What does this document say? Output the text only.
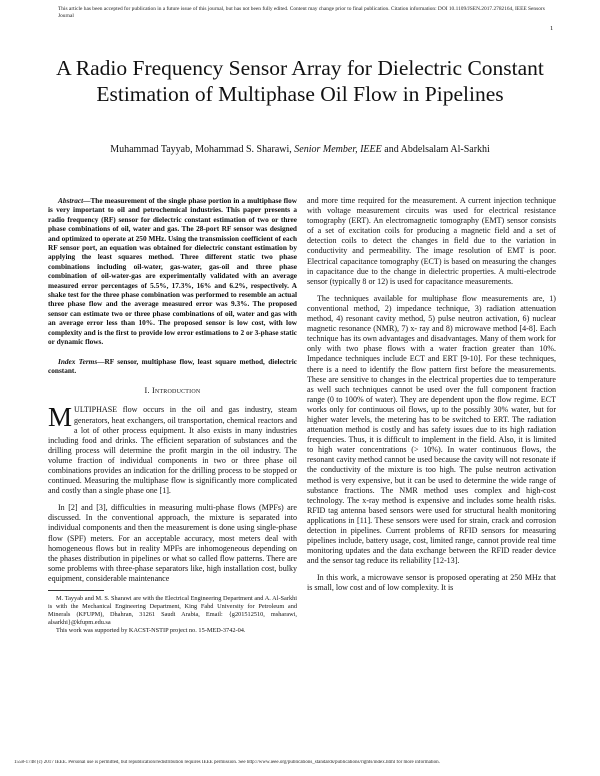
This article has been accepted for publication in a future issue of this journal, but has not been fully edited. Content may change prior to final publication. Citation information: DOI 10.1109/JSEN.2017.2782164, IEEE Sensors Journal
1
A Radio Frequency Sensor Array for Dielectric Constant Estimation of Multiphase Oil Flow in Pipelines
Muhammad Tayyab, Mohammad S. Sharawi, Senior Member, IEEE and Abdelsalam Al-Sarkhi

Abstract—The measurement of the single phase portion in a multiphase flow is very important to oil and petrochemical industries. This paper presents a radio frequency (RF) sensor for dielectric constant estimation of two or three phase combinations of oil, water and gas. The 28-port RF sensor was designed and optimized to operate at 250 MHz. Using the transmission coefficient of each RF sensor port, an equation was obtained for dielectric constant estimation by applying the least squares method. Three different static two phase combinations including oil-water, gas-water, gas-oil and three phase combination of oil-water-gas are experimentally validated with an average measured error percentages of 5.5%, 17.3%, 16% and 6.2%, respectively. A shake test for the three phase combination was performed to resemble an actual three phase flow and the average measured error was 9.3%. The proposed sensor can estimate two or three phase combinations of oil, water and gas with an average error less than 10%. The proposed sensor is low cost, with low complexity and is the first to provide low error estimations to 2 or 3-phase static or dynamic flows.

Index Terms—RF sensor, multiphase flow, least square method, dielectric constant.

I. Introduction

MULTIPHASE flow occurs in the oil and gas industry, steam generators, heat exchangers, oil transportation, chemical reactors and a lot of other process equipment. It also exists in many industries including food and drinks. The efficient separation of substances and the drilling process will determine the profit margin in the oil industry. The volume fraction of individual components in two or three phase oil combinations provides an indication for the drilling process to be stopped or continued. Measuring the multiphase flow is significantly more complicated and costly than a single phase one [1].

In [2] and [3], difficulties in measuring multi-phase flows (MPFs) are discussed. In the conventional approach, the mixture is separated into individual components and then the measurement is done using single-phase flow (SPF) meters. For an acceptable accuracy, most meters deal with homogeneous flows but in reality MPFs are inhomogeneous depending on the phases distribution in pipelines or what so called flow patterns. There are some problems with three-phase separators like, high installation cost, bulky equipment, considerable maintenance

M. Tayyab and M. S. Sharawi are with the Electrical Engineering Department and A. Al-Sarkhi is with the Mechanical Engineering Department, King Fahd University for Petroleum and Minerals (KFUPM), Dhahran, 31261 Saudi Arabia, Email: {g201512510, msharawi, alsarkhi}@kfupm.edu.sa

This work was supported by KACST-NSTIP project no. 15-MED-3742-04.

and more time required for the measurement. A current injection technique with voltage measurement circuits was used for electrical resistance tomography (ERT). An electromagnetic tomography (EMT) sensor consists of a set of excitation coils for producing a magnetic field and a set of detection coils to detect the changes in field due to the variation in conductivity and permeability. The image resolution of EMT is poor. Electrical capacitance tomography (ECT) is based on measuring the changes in capacitance due to the change in dielectric properties. A multi-electrode sensor (typically 8 or 12) is used for capacitance measurements.

The techniques available for multiphase flow measurements are, 1) conventional method, 2) impedance technique, 3) radiation attenuation method, 4) resonant cavity method, 5) pulse neutron activation, 6) nuclear magnetic resonance (NMR), 7) x- ray and 8) microwave method [4-8]. Each technique has its own advantages and disadvantages. Many of them work for only with two phase flows with a water fraction greater than 10%. Impedance techniques include ECT and ERT [9-10]. For these techniques, there is a need to identify the flow pattern first before the measurements. These are sensitive to changes in the electrical properties due to temperature as well such techniques cannot be used over the full component fraction range (0 to 100% of water). They are dependent upon the flow regime. ECT works only for continuous oil flows, up to the possibly 30% water, but for higher water levels, the metering has to be switched to ERT. The radiation attenuation method is costly and has safety issues due to its high radiation frequencies. Thus, it is difficult to implement in the field. Also, it is limited to high water concentrations (> 10%). In water continuous flows, the resonant cavity method cannot be used because the cavity will not resonate if the conductivity of the mixture is too high. The pulse neutron activation method is very expensive, but it can be used to determine the wide range of substance fractions. The NMR method uses complex and high-cost technology. The x-ray method is expensive and includes some health risks. RFID tag antenna based sensors were used for structural health monitoring applications in [11]. These sensors were used for strain, crack and corrosion detection in pipelines. Current problems of RFID sensors for measuring pipelines include, battery usage, cost, limited range, cannot provide real time monitoring updates and the data exchange between the RFID reader device and the sensor tag reduce its reliability [12-13].

In this work, a microwave sensor is proposed operating at 250 MHz that is small, low cost and of low complexity. It is

1558-1748 (c) 2017 IEEE. Personal use is permitted, but republication/redistribution requires IEEE permission. See http://www.ieee.org/publications_standards/publications/rights/index.html for more information.
